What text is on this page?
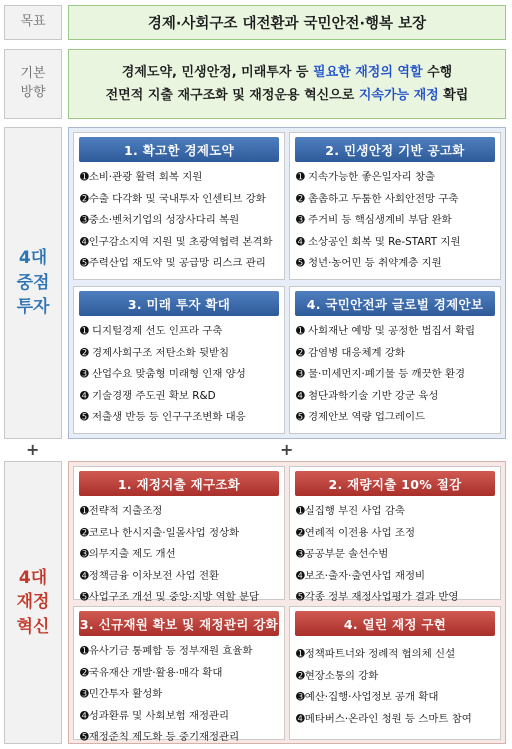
목표
기본
방향
4대
중점
투자
+
4대
재정
혁신
경제·사회구조 대전환과 국민안전·행복 보장
경제도약, 민생안정, 미래투자 등 필요한 재정의 역할 수행
전면적 지출 재구조화 및 재정운용 혁신으로 지속가능 재정 확립
1. 확고한 경제도약
➊소비·관광 활력 회복 지원
➋수출 다각화 및 국내투자 인센티브 강화
➌중소·벤처기업의 성장사다리 복원
➍인구감소지역 지원 및 초광역협력 본격화
➎주력산업 재도약 및 공급망 리스크 관리
2. 민생안정 기반 공고화
➊ 지속가능한 좋은일자리 창출
➋ 촘촘하고 두툼한 사회안전망 구축
➌ 주거비 등 핵심생계비 부담 완화
➍ 소상공인 회복 및 Re-START 지원
➎ 청년·농어민 등 취약계층 지원
3. 미래 투자 확대
➊ 디지털경제 선도 인프라 구축
➋ 경제사회구조 저탄소화 뒷받침
➌ 산업수요 맞춤형 미래형 인재 양성
➍ 기술경쟁 주도권 확보 R&D
➎ 저출생 반등 등 인구구조변화 대응
4. 국민안전과 글로벌 경제안보
➊ 사회재난 예방 및 공정한 법집서 확립
➋ 감염병 대응체계 강화
➌ 물·미세먼지·폐기물 등 깨끗한 환경
➍ 첨단과학기술 기반 강군 육성
➎ 경제안보 역량 업그레이드
+
1. 재정지출 재구조화
➊전략적 지출조정
➋코로나 한시지출·일몰사업 정상화
➌의무지출 제도 개선
➍정책금융 이차보전 사업 전환
➎사업구조 개선 및 중앙·지방 역할 분담
2. 재량지출 10% 절감
➊실집행 부진 사업 감축
➋연례적 이전용 사업 조정
➌공공부문 솔선수범
➍보조·출자·출연사업 재정비
➎각종 정부 재정사업평가 결과 반영
3. 신규재원 확보 및 재정관리 강화
➊유사기금 통폐합 등 정부재원 효율화
➋국유재산 개발·활용·매각 확대
➌민간투자 활성화
➍성과환류 및 사회보험 재정관리
➎재정준칙 제도화 등 중기재정관리
4. 열린 재정 구현
➊정책파트너와 정례적 협의체 신설
➋현장소통의 강화
➌예산·집행·사업정보 공개 확대
➍메타버스·온라인 청원 등 스마트 참여
